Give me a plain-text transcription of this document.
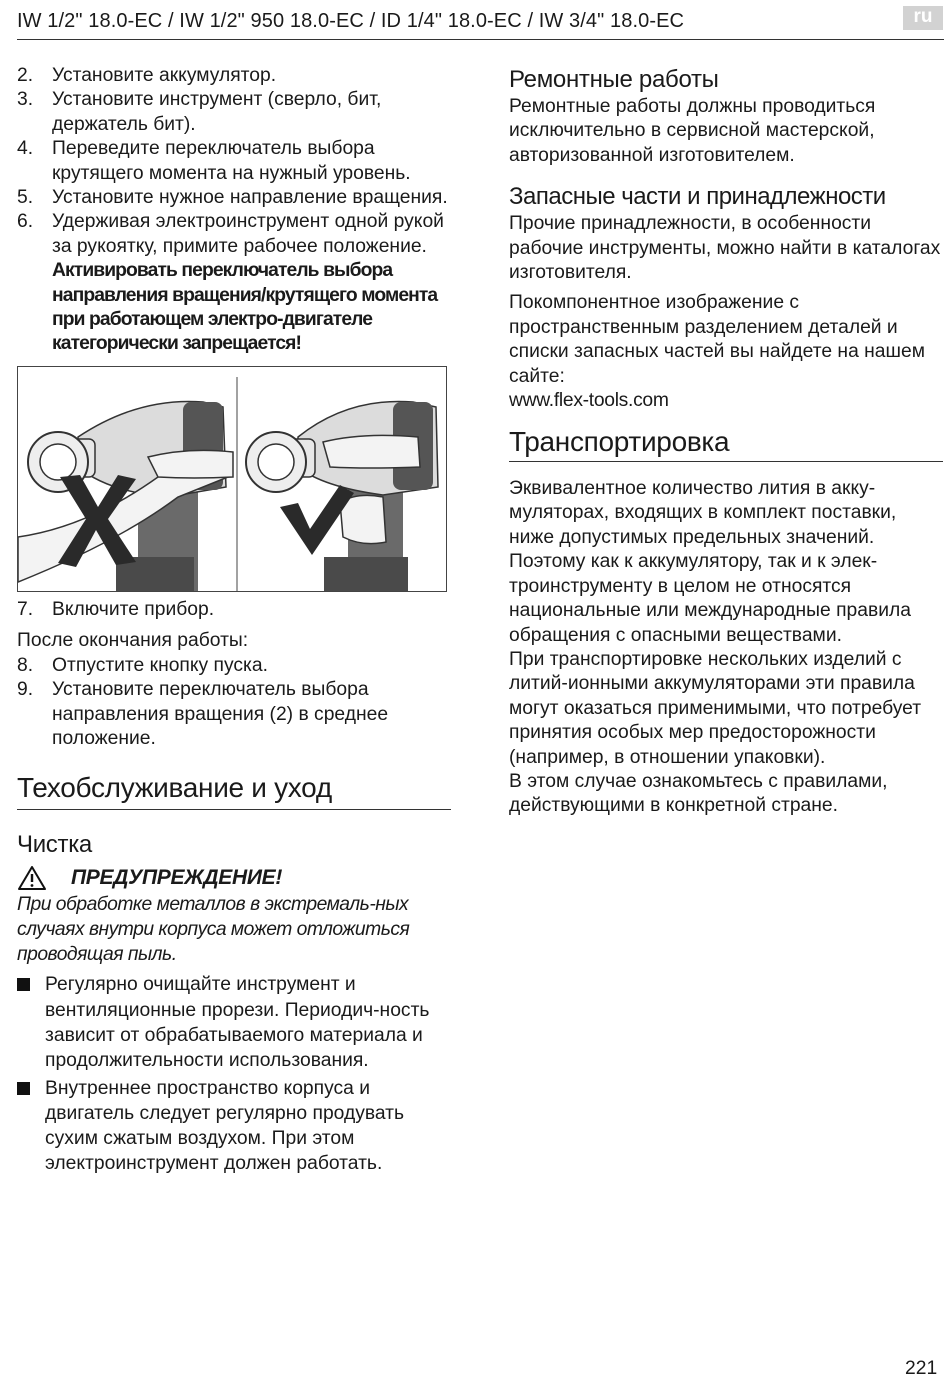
IW 1/2" 18.0-EC / IW 1/2" 950 18.0-EC / ID 1/4" 18.0-EC / IW 3/4" 18.0-EC	ru
2. Установите аккумулятор.
3. Установите инструмент (сверло, бит, держатель бит).
4. Переведите переключатель выбора крутящего момента на нужный уровень.
5. Установите нужное направление вращения.
6. Удерживая электроинструмент одной рукой за рукоятку, примите рабочее положение.
Активировать переключатель выбора направления вращения/крутящего момента при работающем электро-двигателе категорически запрещается!
7. Включите прибор.
После окончания работы:
8. Отпустите кнопку пуска.
9. Установите переключатель выбора направления вращения (2) в среднее положение.
Техобслуживание и уход
Чистка
ПРЕДУПРЕЖДЕНИЕ!
При обработке металлов в экстремаль-ных случаях внутри корпуса может отложиться проводящая пыль.
Регулярно очищайте инструмент и вентиляционные прорези. Периодич-ность зависит от обрабатываемого материала и продолжительности использования.
Внутреннее пространство корпуса и двигатель следует регулярно продувать сухим сжатым воздухом. При этом электроинструмент должен работать.
Ремонтные работы
Ремонтные работы должны проводиться исключительно в сервисной мастерской, авторизованной изготовителем.
Запасные части и принадлежности
Прочие принадлежности, в особенности рабочие инструменты, можно найти в каталогах изготовителя.
Покомпонентное изображение с пространственным разделением деталей и списки запасных частей вы найдете на нашем сайте:
www.flex-tools.com
Транспортировка
Эквивалентное количество лития в акку-муляторах, входящих в комплект поставки, ниже допустимых предельных значений. Поэтому как к аккумулятору, так и к элек-троинструменту в целом не относятся национальные или международные правила обращения с опасными веществами.
При транспортировке нескольких изделий с литий-ионными аккумуляторами эти правила могут оказаться применимыми, что потребует принятия особых мер предосторожности (например, в отношении упаковки).
В этом случае ознакомьтесь с правилами, действующими в конкретной стране.
221
